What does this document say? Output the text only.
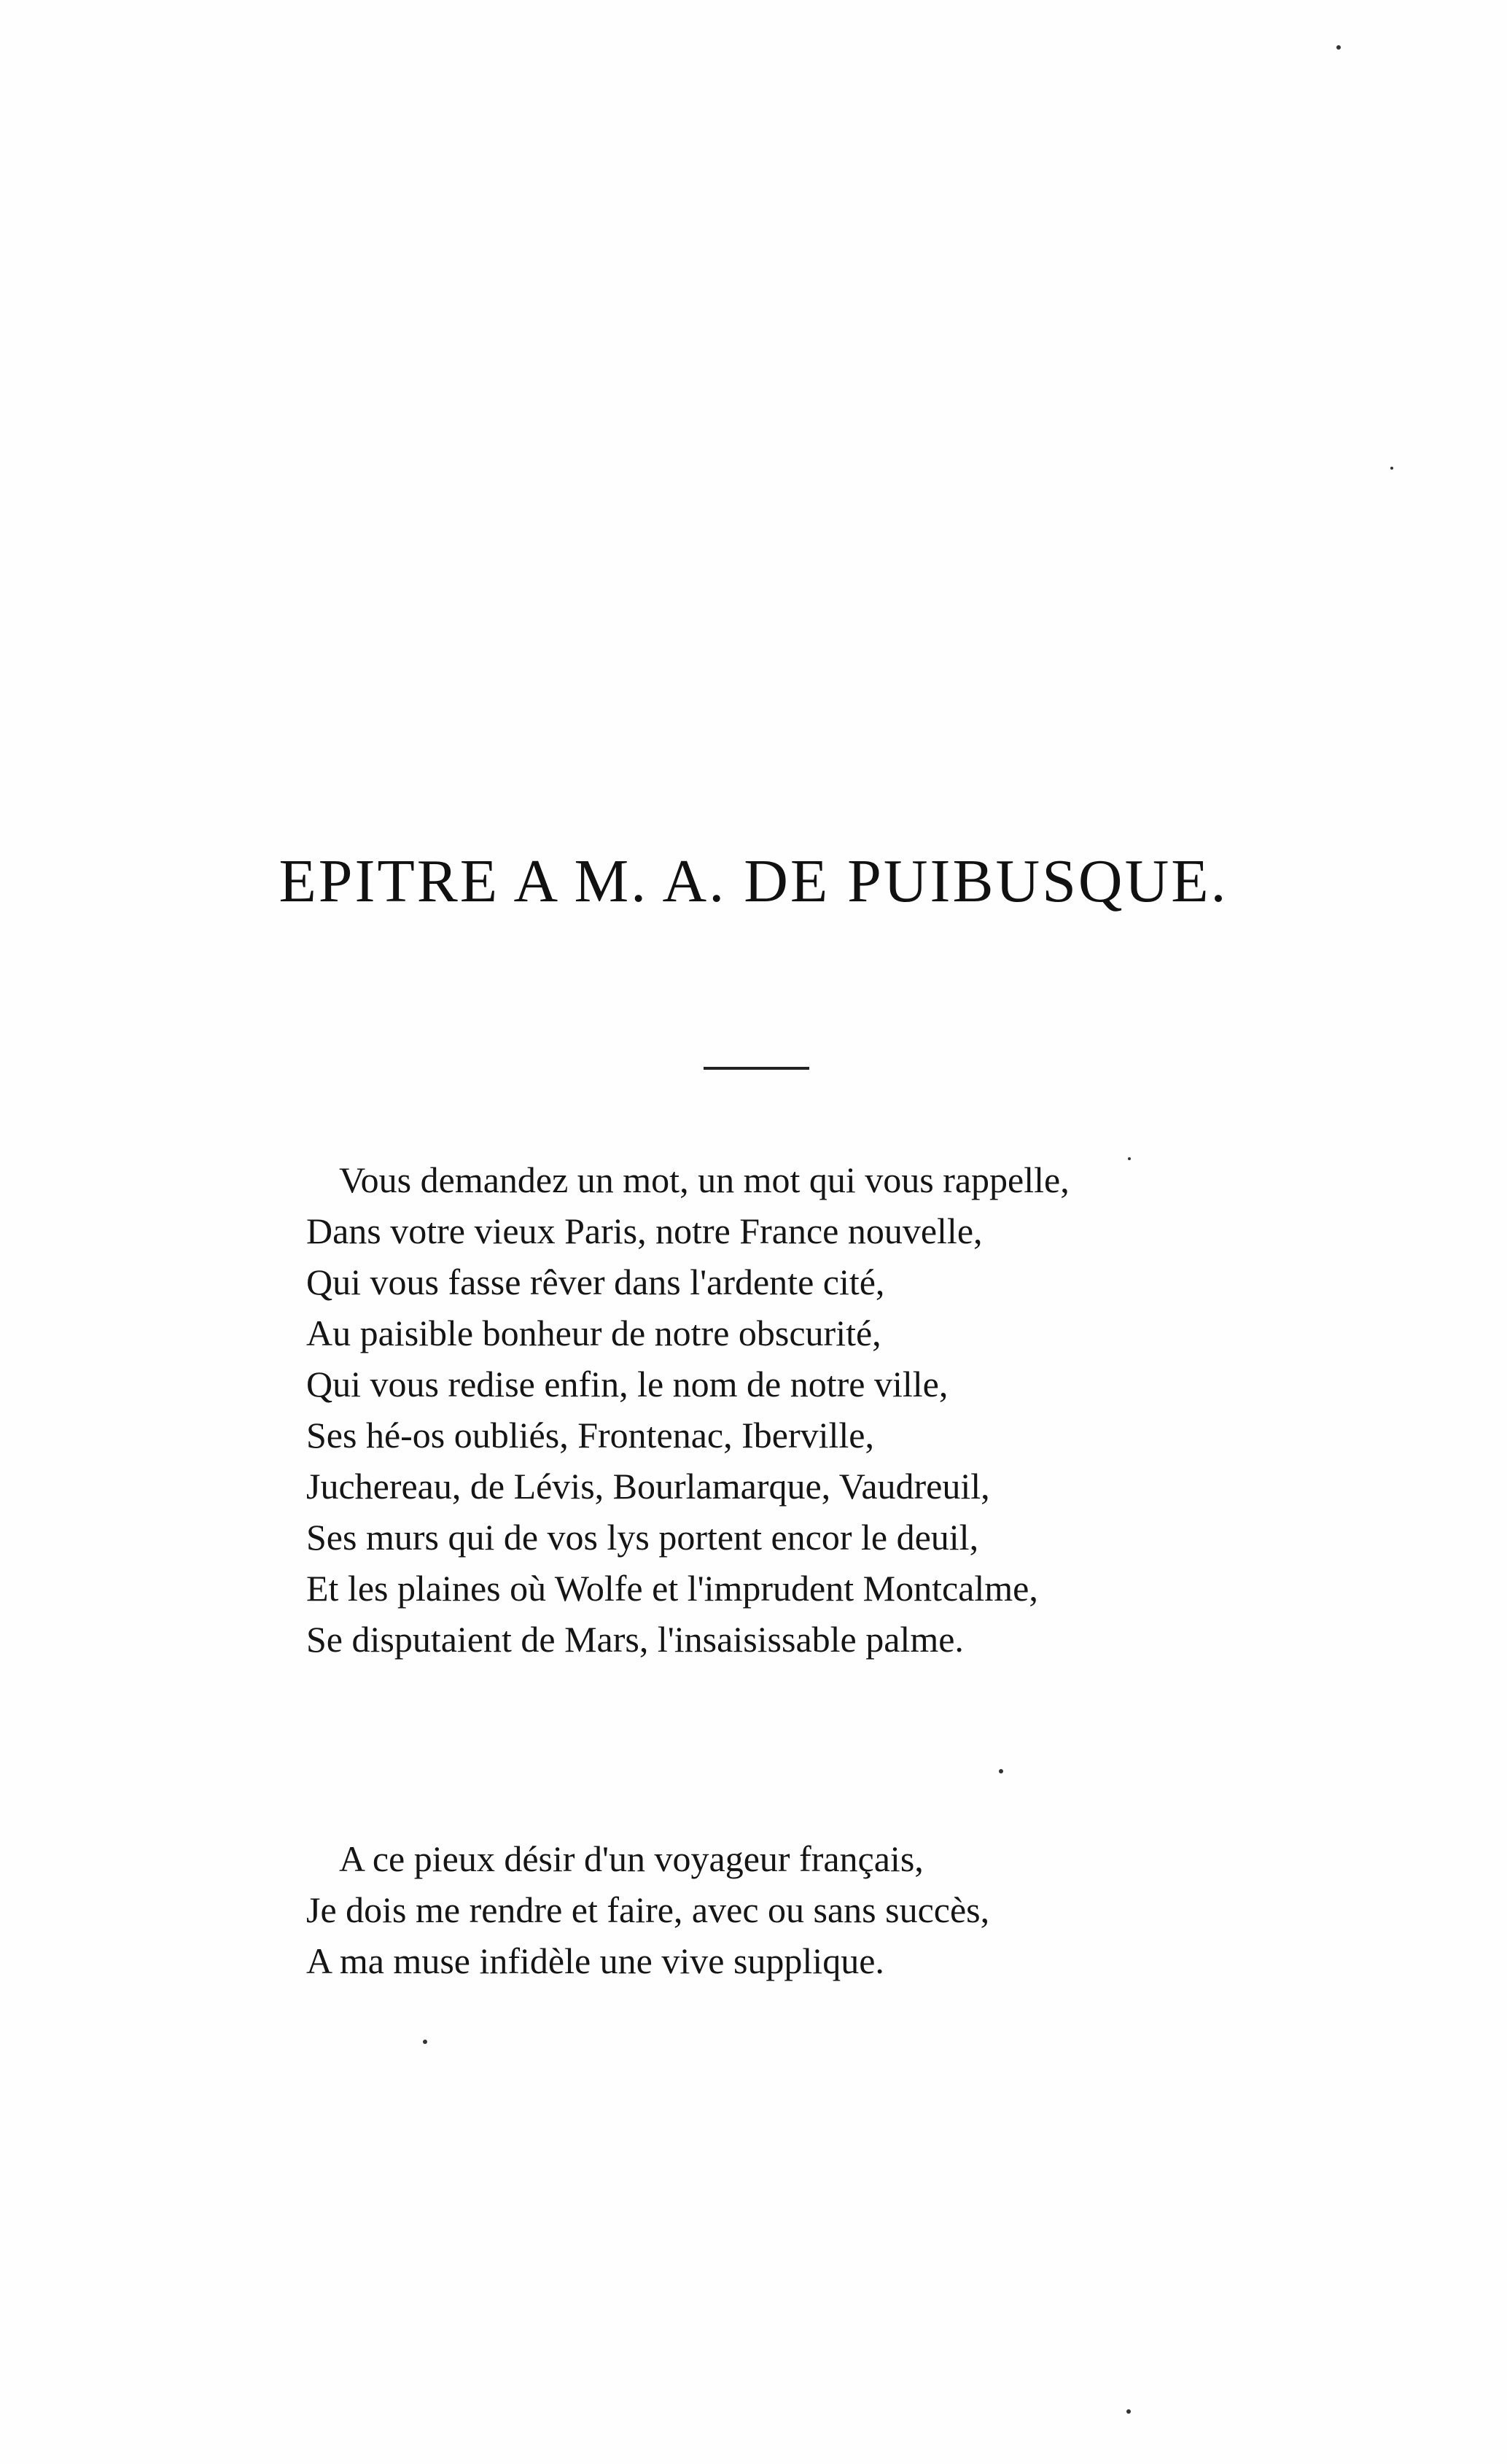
EPITRE A M. A. DE PUIBUSQUE.
Vous demandez un mot, un mot qui vous rappelle,
Dans votre vieux Paris, notre France nouvelle,
Qui vous fasse rêver dans l'ardente cité,
Au paisible bonheur de notre obscurité,
Qui vous redise enfin, le nom de notre ville,
Ses hé-os oubliés, Frontenac, Iberville,
Juchereau, de Lévis, Bourlamarque, Vaudreuil,
Ses murs qui de vos lys portent encor le deuil,
Et les plaines où Wolfe et l'imprudent Montcalme,
Se disputaient de Mars, l'insaisissable palme.
A ce pieux désir d'un voyageur français,
Je dois me rendre et faire, avec ou sans succès,
A ma muse infidèle une vive supplique.
